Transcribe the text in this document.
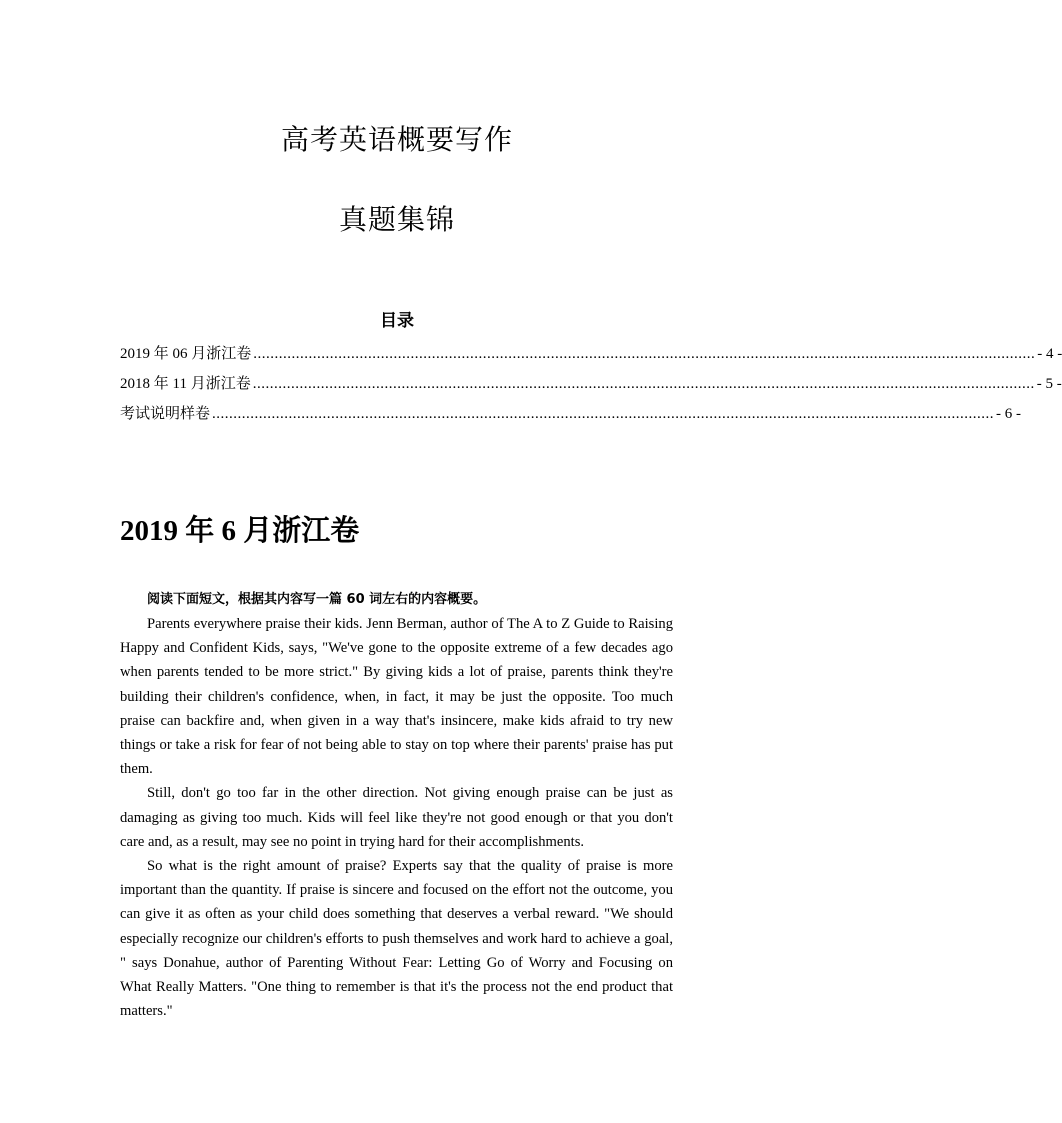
高考英语概要写作
真题集锦
目录
2019 年 06 月浙江卷 ........................................................................................................................................................................................ - 4 -
2018 年 11 月浙江卷 ........................................................................................................................................................................................ - 5 -
考试说明样卷 ........................................................................................................................................................................................ - 6 -
2019 年 6 月浙江卷
阅读下面短文，根据其内容写一篇 60 词左右的内容概要。

Parents everywhere praise their kids. Jenn Berman, author of The A to Z Guide to Raising Happy and Confident Kids, says, "We've gone to the opposite extreme of a few decades ago when parents tended to be more strict." By giving kids a lot of praise, parents think they're building their children's confidence, when, in fact, it may be just the opposite. Too much praise can backfire and, when given in a way that's insincere, make kids afraid to try new things or take a risk for fear of not being able to stay on top where their parents' praise has put them.

Still, don't go too far in the other direction. Not giving enough praise can be just as damaging as giving too much. Kids will feel like they're not good enough or that you don't care and, as a result, may see no point in trying hard for their accomplishments.

So what is the right amount of praise? Experts say that the quality of praise is more important than the quantity. If praise is sincere and focused on the effort not the outcome, you can give it as often as your child does something that deserves a verbal reward. "We should especially recognize our children's efforts to push themselves and work hard to achieve a goal, " says Donahue, author of Parenting Without Fear: Letting Go of Worry and Focusing on What Really Matters. "One thing to remember is that it's the process not the end product that matters."
